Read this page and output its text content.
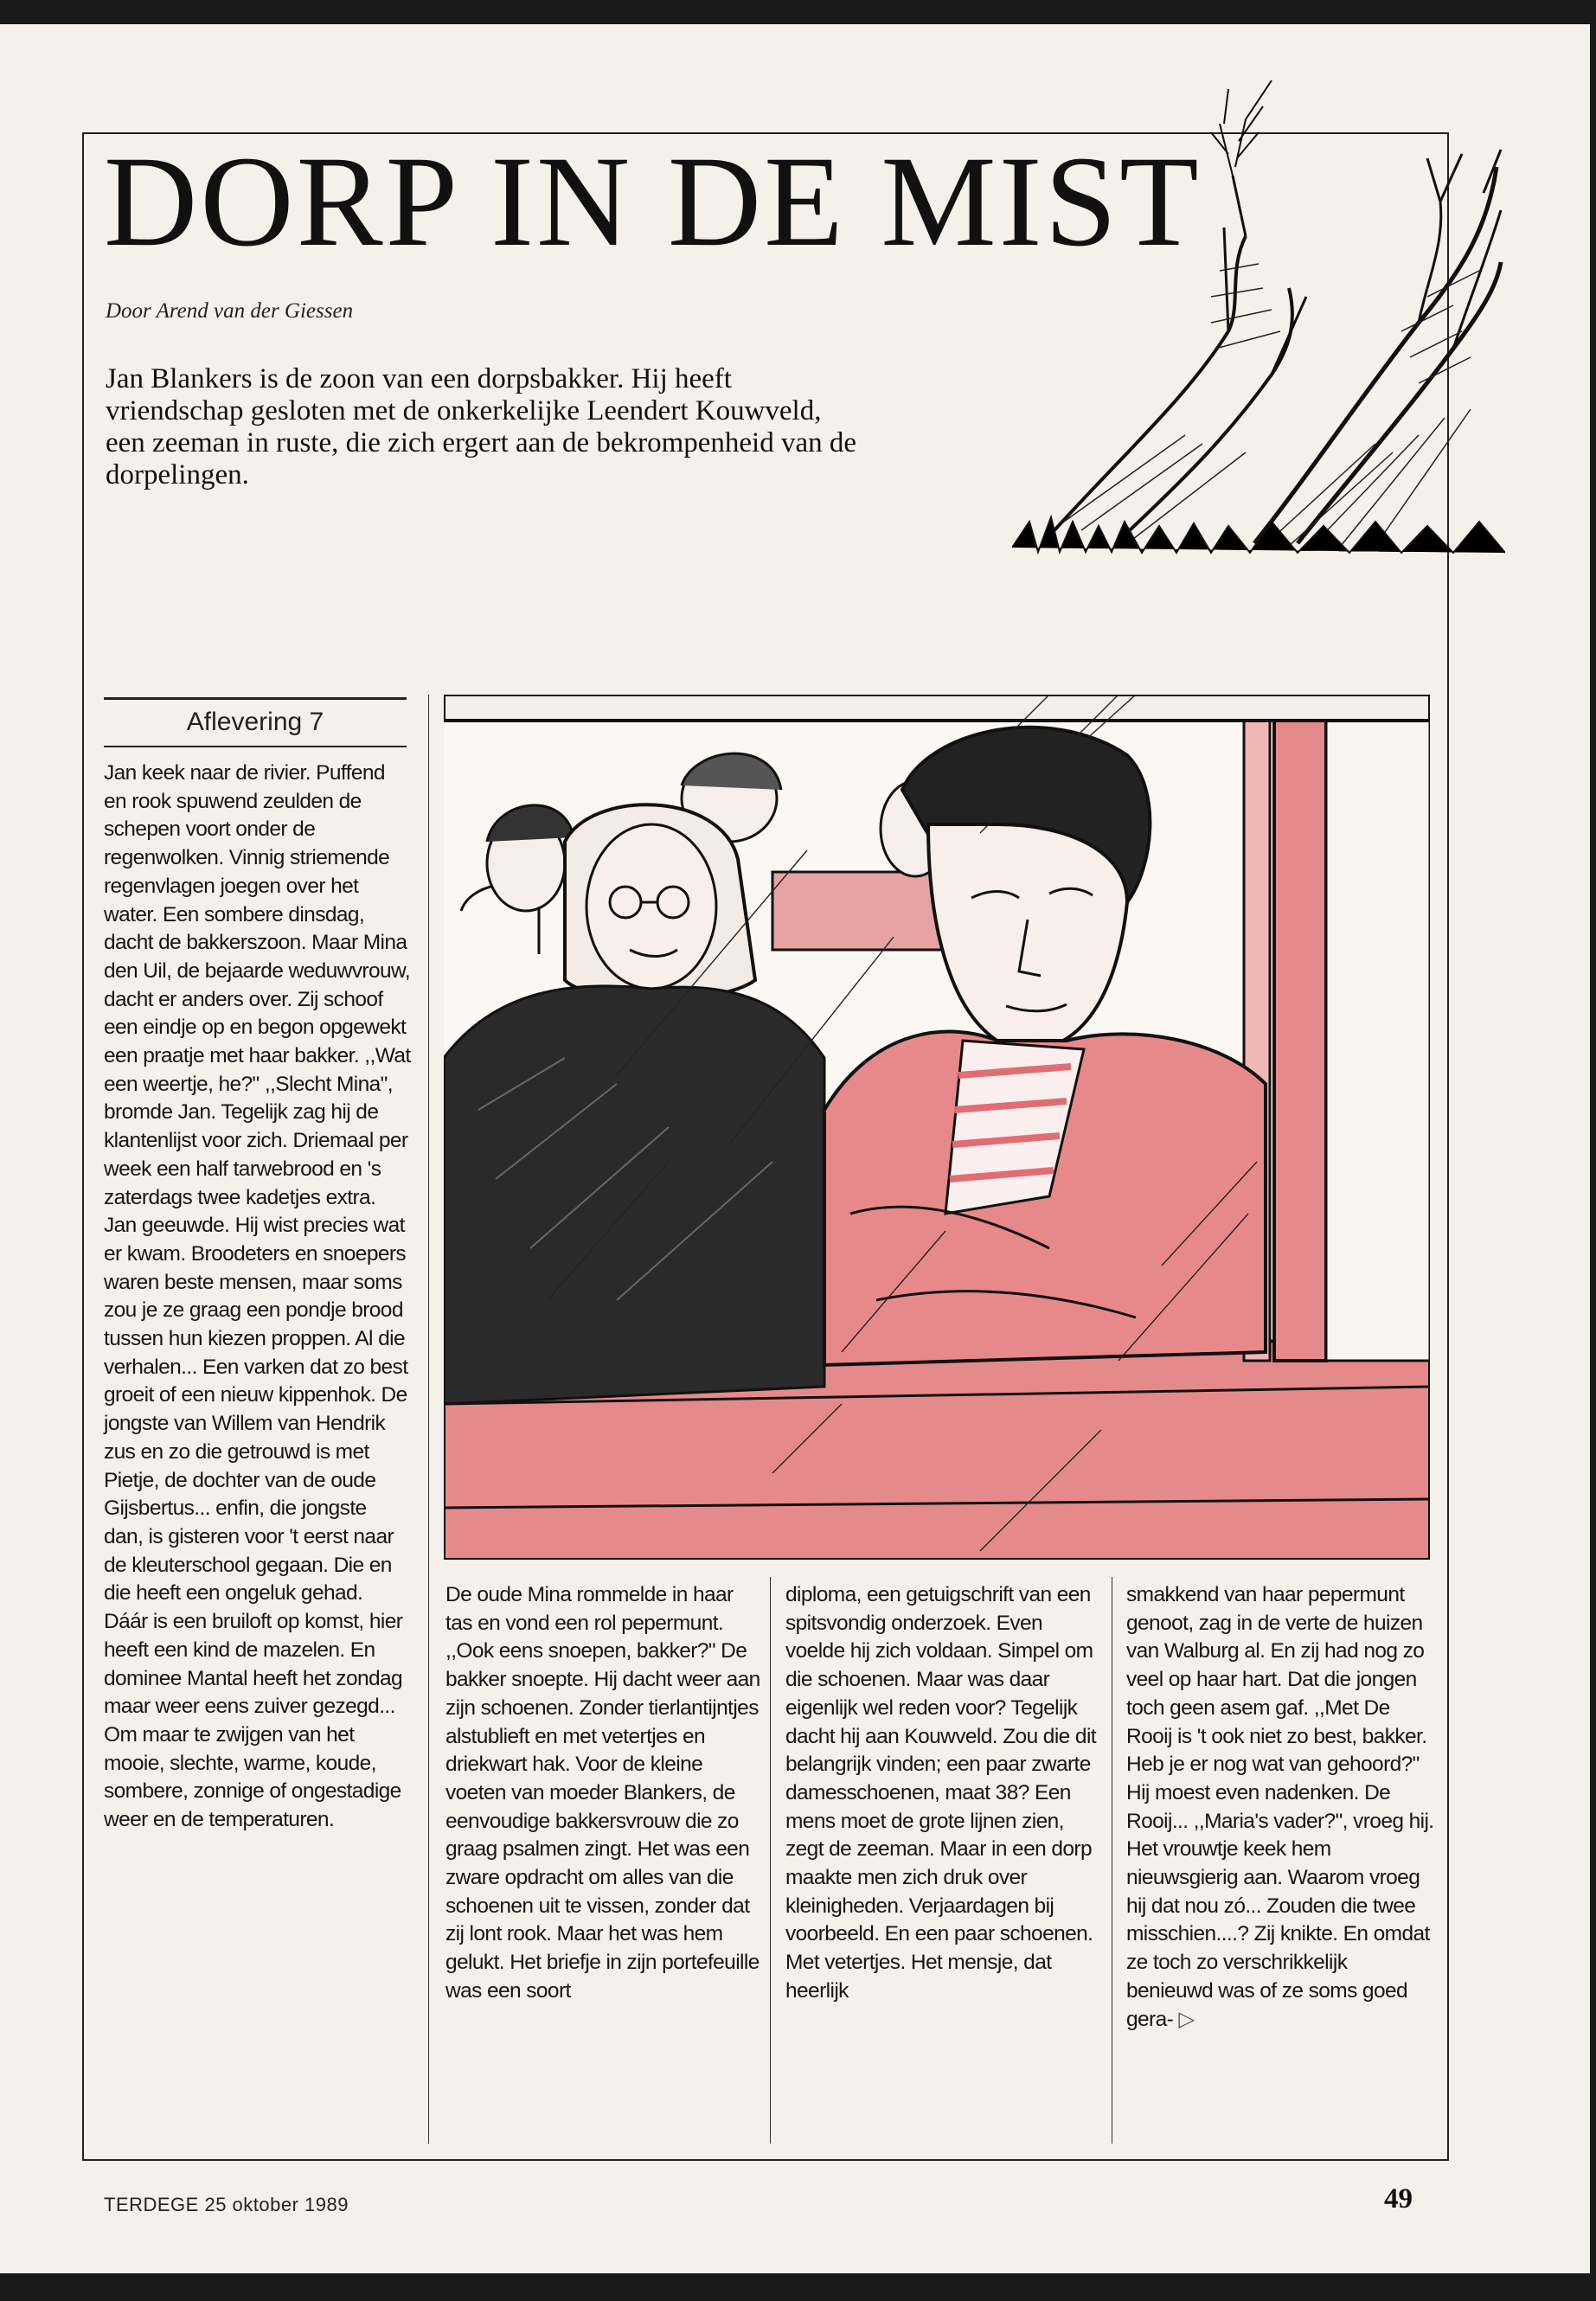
DORP IN DE MIST
Door Arend van der Giessen

Jan Blankers is de zoon van een dorpsbakker. Hij heeft vriendschap gesloten met de onkerkelijke Leendert Kouwveld, een zeeman in ruste, die zich ergert aan de bekrompenheid van de dorpelingen.

Aflevering 7

Jan keek naar de rivier. Puffend en rook spuwend zeulden de schepen voort onder de regenwolken. Vinnig striemende regenvlagen joegen over het water. Een sombere dinsdag, dacht de bakkerszoon. Maar Mina den Uil, de bejaarde weduwvrouw, dacht er anders over. Zij schoof een eindje op en begon opgewekt een praatje met haar bakker. ,,Wat een weertje, he?" ,,Slecht Mina", bromde Jan. Tegelijk zag hij de klantenlijst voor zich. Driemaal per week een half tarwebrood en 's zaterdags twee kadetjes extra. Jan geeuwde. Hij wist precies wat er kwam. Broodeters en snoepers waren beste mensen, maar soms zou je ze graag een pondje brood tussen hun kiezen proppen. Al die verhalen... Een varken dat zo best groeit of een nieuw kippenhok. De jongste van Willem van Hendrik zus en zo die getrouwd is met Pietje, de dochter van de oude Gijsbertus... enfin, die jongste dan, is gisteren voor 't eerst naar de kleuterschool gegaan. Die en die heeft een ongeluk gehad. Dáár is een bruiloft op komst, hier heeft een kind de mazelen. En dominee Mantal heeft het zondag maar weer eens zuiver gezegd... Om maar te zwijgen van het mooie, slechte, warme, koude, sombere, zonnige of ongestadige weer en de temperaturen.

De oude Mina rommelde in haar tas en vond een rol pepermunt. ,,Ook eens snoepen, bakker?" De bakker snoepte. Hij dacht weer aan zijn schoenen. Zonder tierlantijntjes alstublieft en met vetertjes en driekwart hak. Voor de kleine voeten van moeder Blankers, de eenvoudige bakkersvrouw die zo graag psalmen zingt. Het was een zware opdracht om alles van die schoenen uit te vissen, zonder dat zij lont rook. Maar het was hem gelukt. Het briefje in zijn portefeuille was een soort

diploma, een getuigschrift van een spitsvondig onderzoek. Even voelde hij zich voldaan. Simpel om die schoenen. Maar was daar eigenlijk wel reden voor? Tegelijk dacht hij aan Kouwveld. Zou die dit belangrijk vinden; een paar zwarte damesschoenen, maat 38? Een mens moet de grote lijnen zien, zegt de zeeman. Maar in een dorp maakte men zich druk over kleinigheden. Verjaardagen bij voorbeeld. En een paar schoenen. Met vetertjes. Het mensje, dat heerlijk

smakkend van haar pepermunt genoot, zag in de verte de huizen van Walburg al. En zij had nog zo veel op haar hart. Dat die jongen toch geen asem gaf. ,,Met De Rooij is 't ook niet zo best, bakker. Heb je er nog wat van gehoord?" Hij moest even nadenken. De Rooij... ,,Maria's vader?", vroeg hij. Het vrouwtje keek hem nieuwsgierig aan. Waarom vroeg hij dat nou zó... Zouden die twee misschien....? Zij knikte. En omdat ze toch zo verschrikkelijk benieuwd was of ze soms goed gera- ▷

TERDEGE 25 oktober 1989	49
